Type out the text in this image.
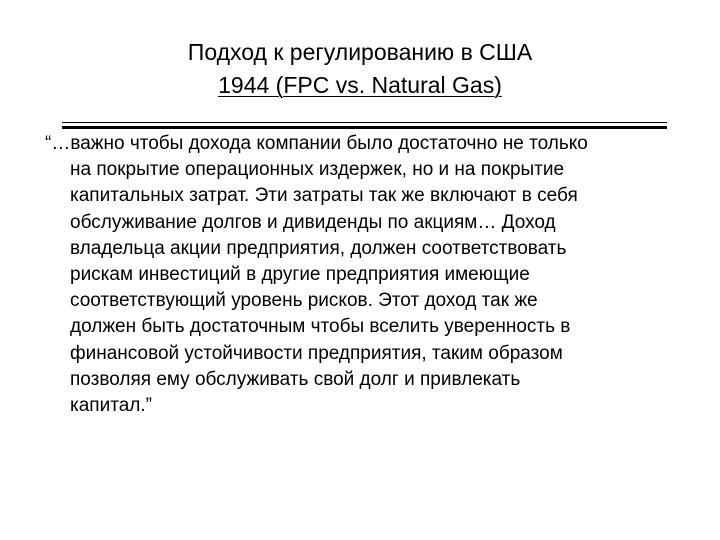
Подход к регулированию в США
1944 (FPC vs. Natural Gas)
“…важно чтобы дохода компании было достаточно не только
на покрытие операционных издержек, но и на покрытие
капитальных затрат. Эти затраты так же включают в себя
обслуживание долгов и дивиденды по акциям… Доход
владельца акции предприятия, должен соответствовать
рискам инвестиций в другие предприятия имеющие
соответствующий уровень рисков. Этот доход так же
должен быть достаточным чтобы вселить уверенность в
финансовой устойчивости предприятия, таким образом
позволяя ему обслуживать свой долг и привлекать
капитал.”
